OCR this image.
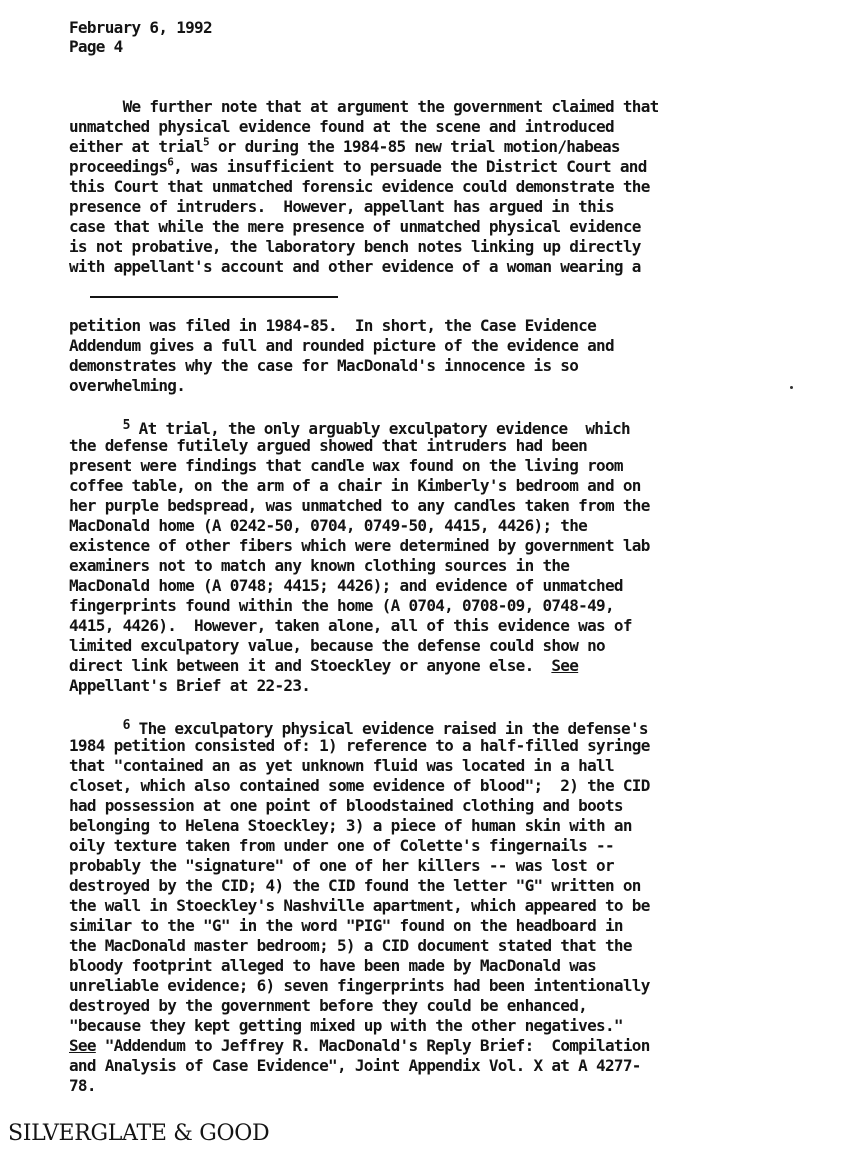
February 6, 1992
Page 4
We further note that at argument the government claimed that
unmatched physical evidence found at the scene and introduced
either at trial$^5$ or during the 1984-85 new trial motion/habeas
proceedings$^6$, was insufficient to persuade the District Court and
this Court that unmatched forensic evidence could demonstrate the
presence of intruders.  However, appellant has argued in this
case that while the mere presence of unmatched physical evidence
is not probative, the laboratory bench notes linking up directly
with appellant's account and other evidence of a woman wearing a
petition was filed in 1984-85.  In short, the Case Evidence
Addendum gives a full and rounded picture of the evidence and
demonstrates why the case for MacDonald's innocence is so
overwhelming.
$^5$ At trial, the only arguably exculpatory evidence  which
the defense futilely argued showed that intruders had been
present were findings that candle wax found on the living room
coffee table, on the arm of a chair in Kimberly's bedroom and on
her purple bedspread, was unmatched to any candles taken from the
MacDonald home (A 0242-50, 0704, 0749-50, 4415, 4426); the
existence of other fibers which were determined by government lab
examiners not to match any known clothing sources in the
MacDonald home (A 0748; 4415; 4426); and evidence of unmatched
fingerprints found within the home (A 0704, 0708-09, 0748-49,
4415, 4426).  However, taken alone, all of this evidence was of
limited exculpatory value, because the defense could show no
direct link between it and Stoeckley or anyone else.  See
Appellant's Brief at 22-23.
$^6$ The exculpatory physical evidence raised in the defense's
1984 petition consisted of: 1) reference to a half-filled syringe
that "contained an as yet unknown fluid was located in a hall
closet, which also contained some evidence of blood";  2) the CID
had possession at one point of bloodstained clothing and boots
belonging to Helena Stoeckley; 3) a piece of human skin with an
oily texture taken from under one of Colette's fingernails --
probably the "signature" of one of her killers -- was lost or
destroyed by the CID; 4) the CID found the letter "G" written on
the wall in Stoeckley's Nashville apartment, which appeared to be
similar to the "G" in the word "PIG" found on the headboard in
the MacDonald master bedroom; 5) a CID document stated that the
bloody footprint alleged to have been made by MacDonald was
unreliable evidence; 6) seven fingerprints had been intentionally
destroyed by the government before they could be enhanced,
"because they kept getting mixed up with the other negatives."
See "Addendum to Jeffrey R. MacDonald's Reply Brief:  Compilation
and Analysis of Case Evidence", Joint Appendix Vol. X at A 4277-
78.
SILVERGLATE & GOOD
